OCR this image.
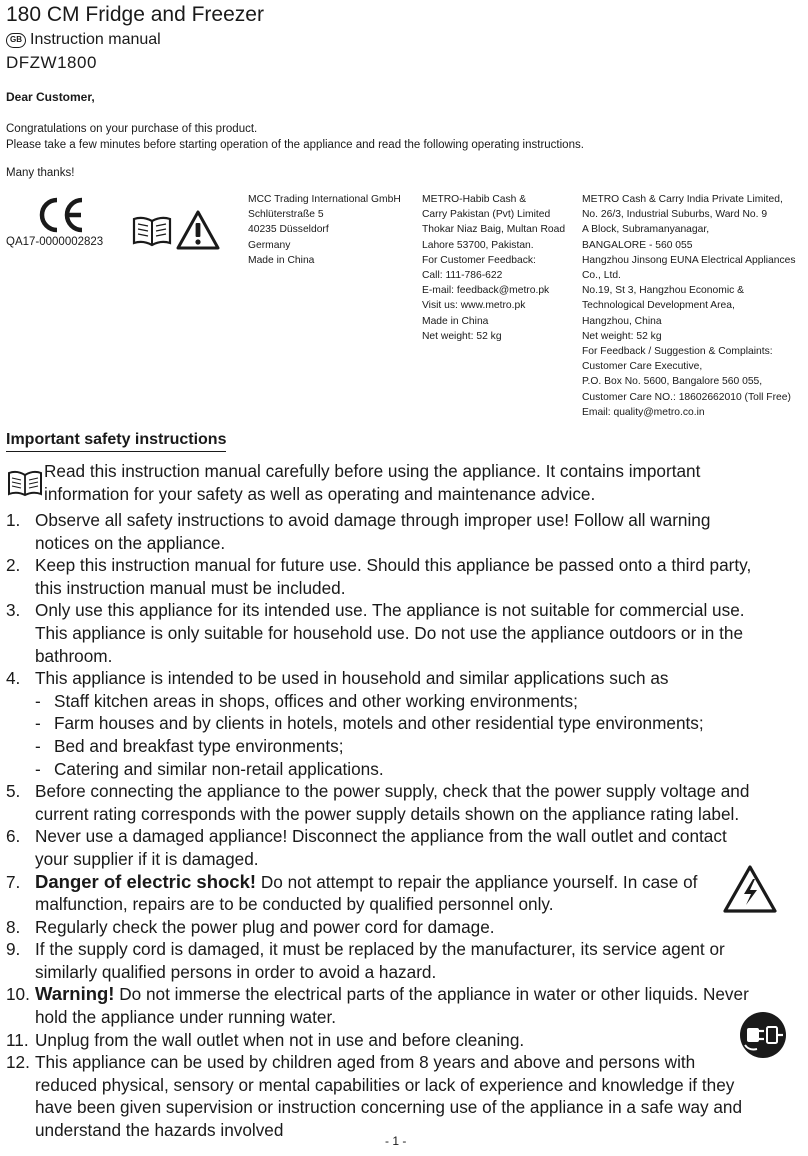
180 CM Fridge and Freezer
GB Instruction manual
DFZW1800
Dear Customer,
Congratulations on your purchase of this product.
Please take a few minutes before starting operation of the appliance and read the following operating instructions.
Many thanks!
QA17-0000002823
MCC Trading International GmbH
Schlüterstraße 5
40235 Düsseldorf
Germany
Made in China
METRO-Habib Cash &
Carry Pakistan (Pvt) Limited
Thokar Niaz Baig, Multan Road
Lahore 53700, Pakistan.
For Customer Feedback:
Call: 111-786-622
E-mail: feedback@metro.pk
Visit us: www.metro.pk
Made in China
Net weight: 52 kg
METRO Cash & Carry India Private Limited,
No. 26/3, Industrial Suburbs, Ward No. 9
A Block, Subramanyanagar,
BANGALORE - 560 055
Hangzhou Jinsong EUNA Electrical Appliances
Co., Ltd.
No.19, St 3, Hangzhou Economic &
Technological Development Area,
Hangzhou, China
Net weight: 52 kg
For Feedback / Suggestion & Complaints:
Customer Care Executive,
P.O. Box No. 5600, Bangalore 560 055,
Customer Care NO.: 18602662010 (Toll Free)
Email: quality@metro.co.in
Important safety instructions
Read this instruction manual carefully before using the appliance. It contains important
information for your safety as well as operating and maintenance advice.
1. Observe all safety instructions to avoid damage through improper use! Follow all warning
notices on the appliance.
2. Keep this instruction manual for future use. Should this appliance be passed onto a third party,
this instruction manual must be included.
3. Only use this appliance for its intended use. The appliance is not suitable for commercial use.
This appliance is only suitable for household use. Do not use the appliance outdoors or in the
bathroom.
4. This appliance is intended to be used in household and similar applications such as
- Staff kitchen areas in shops, offices and other working environments;
- Farm houses and by clients in hotels, motels and other residential type environments;
- Bed and breakfast type environments;
- Catering and similar non-retail applications.
5. Before connecting the appliance to the power supply, check that the power supply voltage and
current rating corresponds with the power supply details shown on the appliance rating label.
6. Never use a damaged appliance! Disconnect the appliance from the wall outlet and contact
your supplier if it is damaged.
7. Danger of electric shock! Do not attempt to repair the appliance yourself. In case of
malfunction, repairs are to be conducted by qualified personnel only.
8. Regularly check the power plug and power cord for damage.
9. If the supply cord is damaged, it must be replaced by the manufacturer, its service agent or
similarly qualified persons in order to avoid a hazard.
10. Warning! Do not immerse the electrical parts of the appliance in water or other liquids. Never
hold the appliance under running water.
11. Unplug from the wall outlet when not in use and before cleaning.
12. This appliance can be used by children aged from 8 years and above and persons with
reduced physical, sensory or mental capabilities or lack of experience and knowledge if they
have been given supervision or instruction concerning use of the appliance in a safe way and
understand the hazards involved
- 1 -
